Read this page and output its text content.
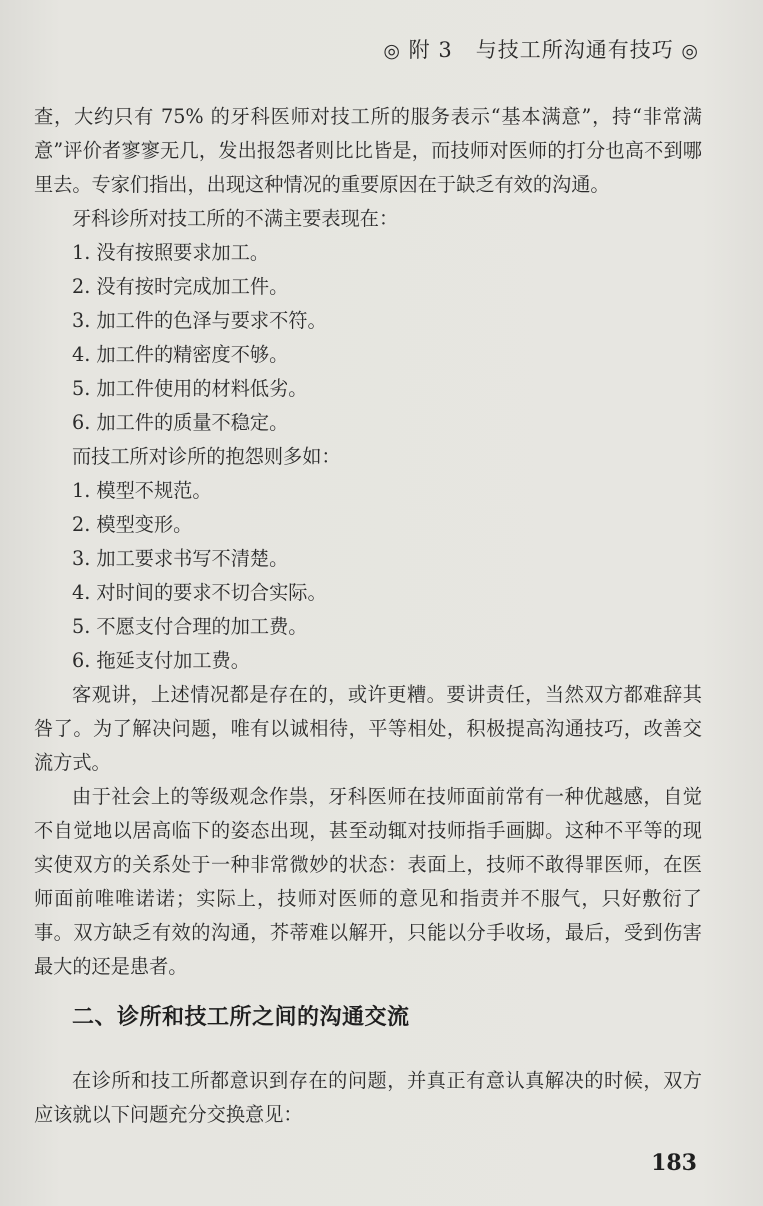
◎ 附 3 与技工所沟通有技巧 ◎

查，大约只有 75% 的牙科医师对技工所的服务表示“基本满意”，持“非常满意”评价者寥寥无几，发出报怨者则比比皆是，而技师对医师的打分也高不到哪里去。专家们指出，出现这种情况的重要原因在于缺乏有效的沟通。

牙科诊所对技工所的不满主要表现在：

1. 没有按照要求加工。

2. 没有按时完成加工件。

3. 加工件的色泽与要求不符。

4. 加工件的精密度不够。

5. 加工件使用的材料低劣。

6. 加工件的质量不稳定。

而技工所对诊所的抱怨则多如：

1. 模型不规范。

2. 模型变形。

3. 加工要求书写不清楚。

4. 对时间的要求不切合实际。

5. 不愿支付合理的加工费。

6. 拖延支付加工费。

客观讲，上述情况都是存在的，或许更糟。要讲责任，当然双方都难辞其咎了。为了解决问题，唯有以诚相待，平等相处，积极提高沟通技巧，改善交流方式。

由于社会上的等级观念作祟，牙科医师在技师面前常有一种优越感，自觉不自觉地以居高临下的姿态出现，甚至动辄对技师指手画脚。这种不平等的现实使双方的关系处于一种非常微妙的状态：表面上，技师不敢得罪医师，在医师面前唯唯诺诺；实际上，技师对医师的意见和指责并不服气，只好敷衍了事。双方缺乏有效的沟通，芥蒂难以解开，只能以分手收场，最后，受到伤害最大的还是患者。

二、诊所和技工所之间的沟通交流

在诊所和技工所都意识到存在的问题，并真正有意认真解决的时候，双方应该就以下问题充分交换意见：

183
